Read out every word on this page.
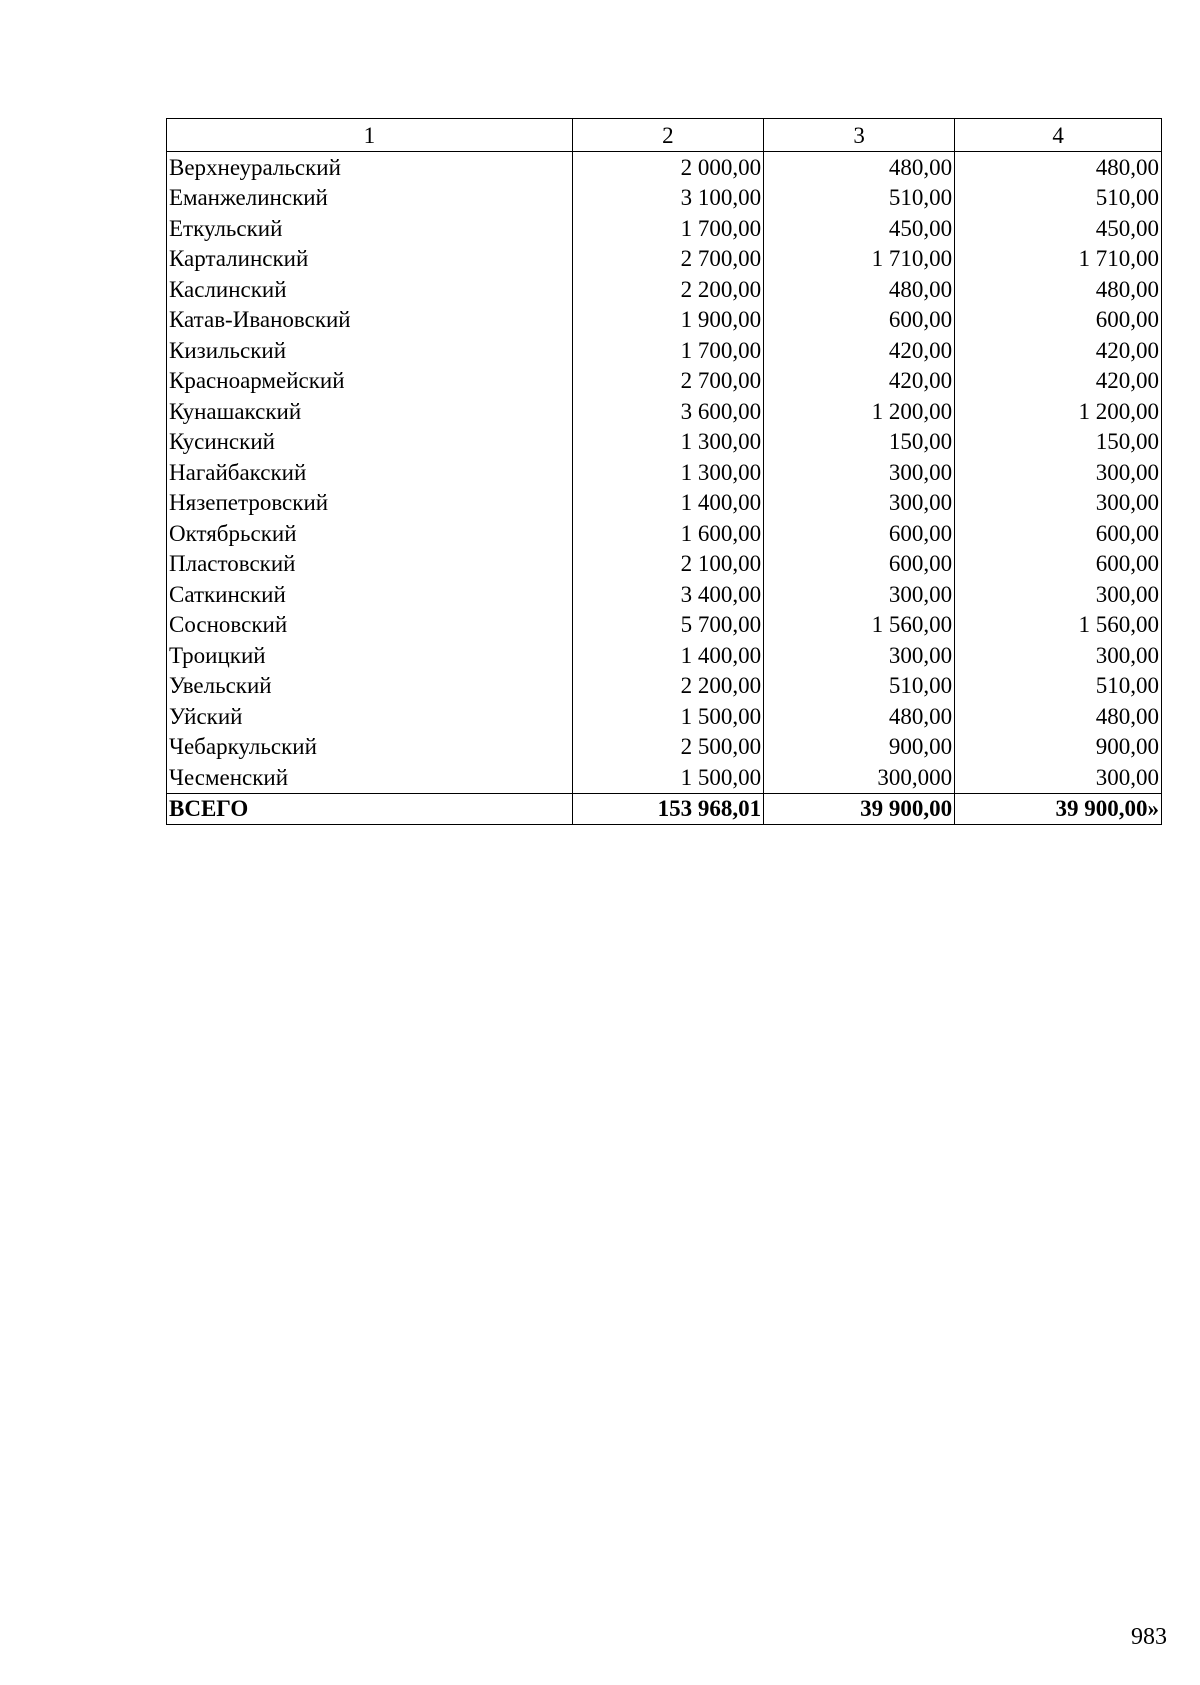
1	2	3	4
Верхнеуральский	2 000,00	480,00	480,00
Еманжелинский	3 100,00	510,00	510,00
Еткульский	1 700,00	450,00	450,00
Карталинский	2 700,00	1 710,00	1 710,00
Каслинский	2 200,00	480,00	480,00
Катав-Ивановский	1 900,00	600,00	600,00
Кизильский	1 700,00	420,00	420,00
Красноармейский	2 700,00	420,00	420,00
Кунашакский	3 600,00	1 200,00	1 200,00
Кусинский	1 300,00	150,00	150,00
Нагайбакский	1 300,00	300,00	300,00
Нязепетровский	1 400,00	300,00	300,00
Октябрьский	1 600,00	600,00	600,00
Пластовский	2 100,00	600,00	600,00
Саткинский	3 400,00	300,00	300,00
Сосновский	5 700,00	1 560,00	1 560,00
Троицкий	1 400,00	300,00	300,00
Увельский	2 200,00	510,00	510,00
Уйский	1 500,00	480,00	480,00
Чебаркульский	2 500,00	900,00	900,00
Чесменский	1 500,00	300,000	300,00
ВСЕГО	153 968,01	39 900,00	39 900,00»
983
